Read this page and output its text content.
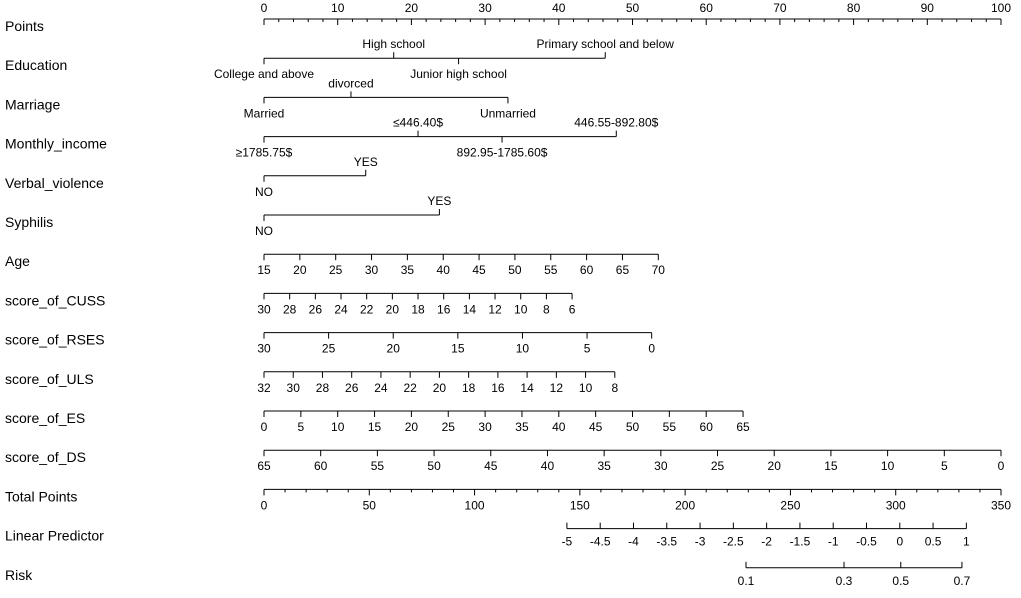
Points
0	10	20	30	40	50	60	70	80	90	100
Education
College and above
High school
Junior high school
Primary school and below
Marriage
Married
divorced
Unmarried
Monthly_income
≥1785.75$
≤446.40$
892.95-1785.60$
446.55-892.80$
Verbal_violence
NO
YES
Syphilis
NO
YES
Age
15 20 25 30 35 40 45 50 55 60 65 70
score_of_CUSS
30 28 26 24 22 20 18 16 14 12 10 8 6
score_of_RSES
30	25	20	15	10	5	0
score_of_ULS
32 30 28 26 24 22 20 18 16 14 12 10 8
score_of_ES
0	5 10 15 20 25 30 35 40 45 50 55 60 65
score_of_DS
65	60	55	50	45	40	35	30	25	20	15	10	5	0
Total Points
0	50	100	150	200	250	300	350
Linear Predictor	-5 -4.5 -4 -3.5 -3 -2.5 -2 -1.5 -1 -0.5 0 0.5 1
Risk	0.1	0.3	0.5	0.7
